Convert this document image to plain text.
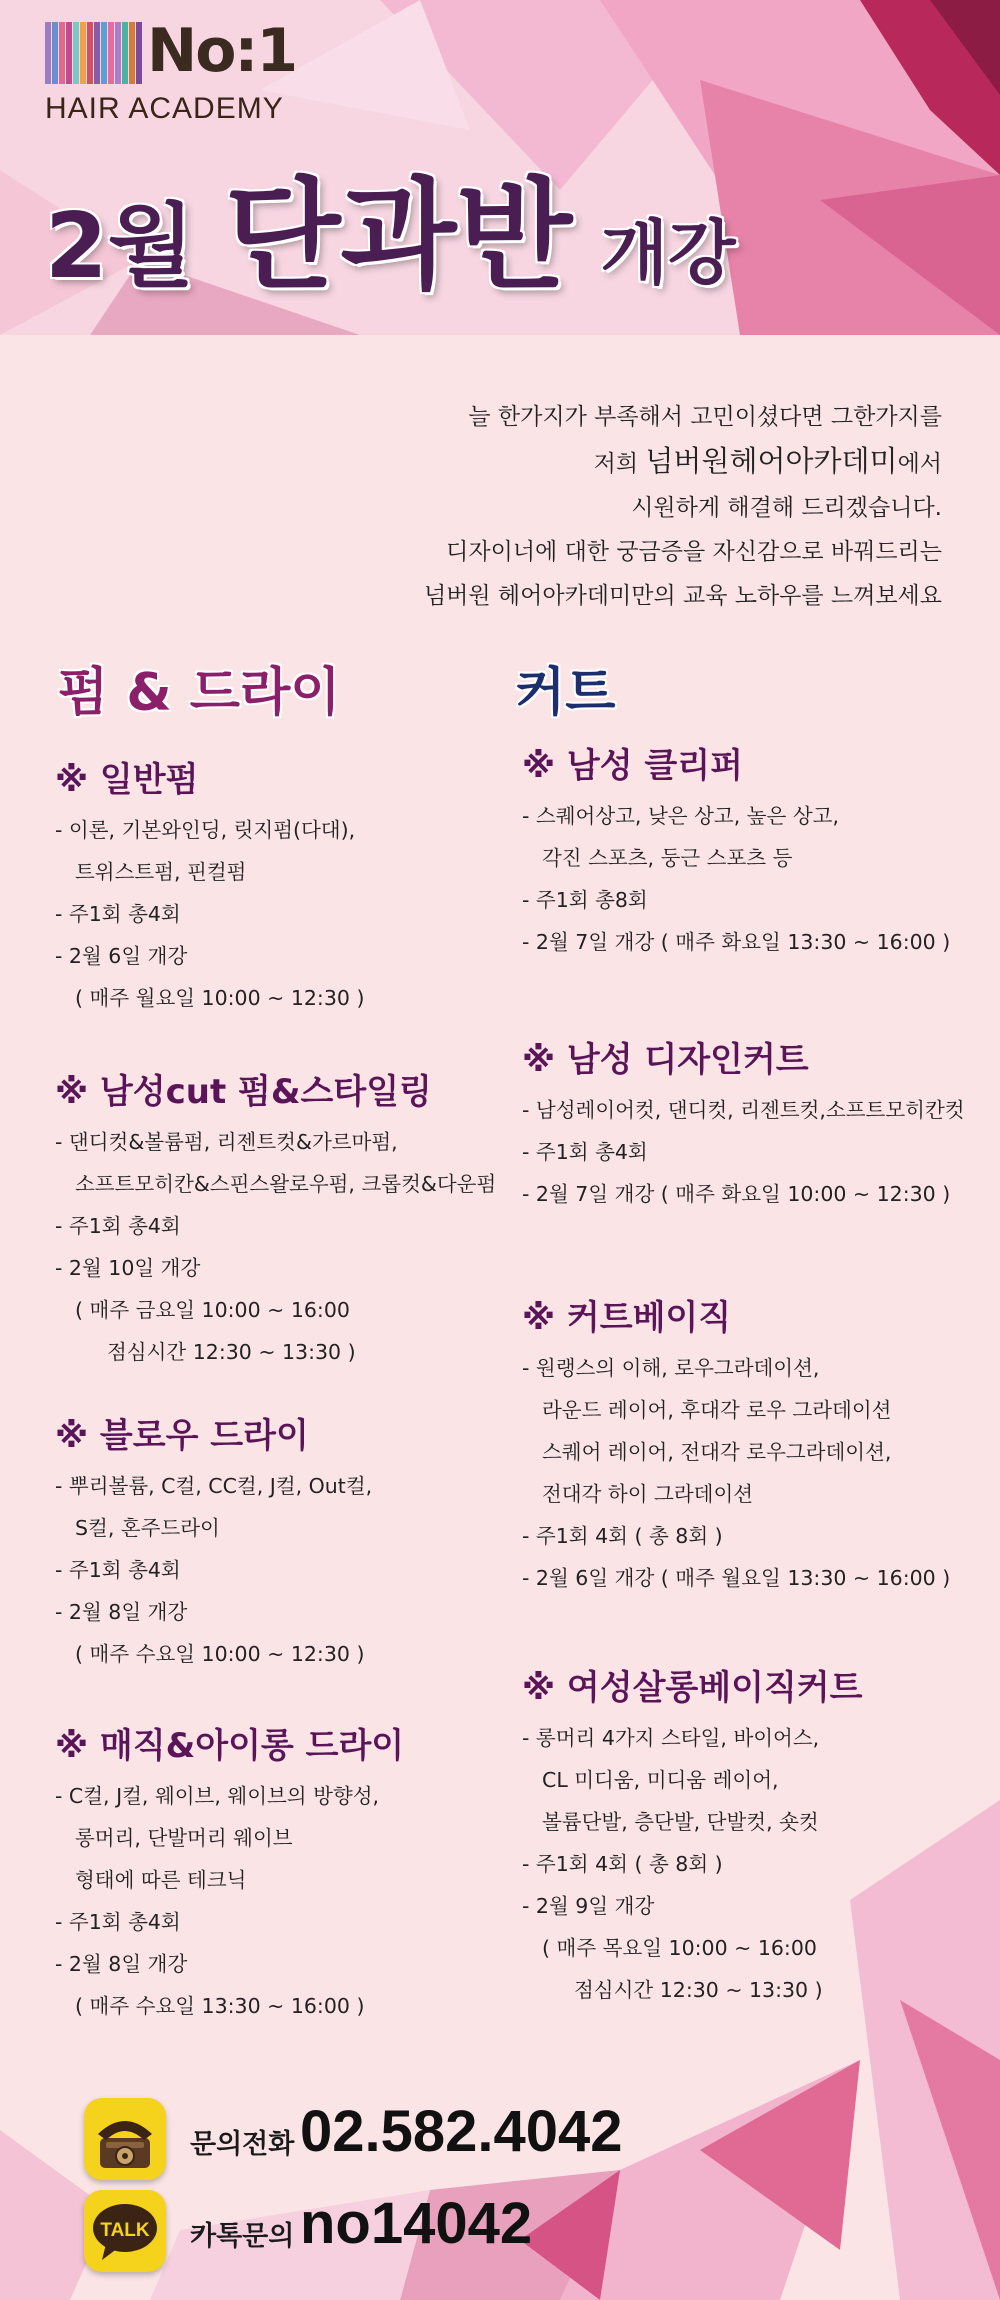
No:1
HAIR ACADEMY
2월 단과반 개강
늘 한가지가 부족해서 고민이셨다면 그한가지를
저희 넘버원헤어아카데미에서
시원하게 해결해 드리겠습니다.
디자이너에 대한 궁금증을 자신감으로 바꿔드리는
넘버원 헤어아카데미만의 교육 노하우를 느껴보세요
펌 & 드라이	커트
※ 일반펌
- 이론, 기본와인딩, 릿지펌(다대),
트위스트펌, 핀컬펌
- 주1회 총4회
- 2월 6일 개강
( 매주 월요일 10:00 ~ 12:30 )
※ 남성cut 펌&스타일링
- 댄디컷&볼륨펌, 리젠트컷&가르마펌,
소프트모히칸&스핀스왈로우펌, 크롭컷&다운펌
- 주1회 총4회
- 2월 10일 개강
( 매주 금요일 10:00 ~ 16:00
점심시간 12:30 ~ 13:30 )
※ 블로우 드라이
- 뿌리볼륨, C컬, CC컬, J컬, Out컬,
S컬, 혼주드라이
- 주1회 총4회
- 2월 8일 개강
( 매주 수요일 10:00 ~ 12:30 )
※ 매직&아이롱 드라이
- C컬, J컬, 웨이브, 웨이브의 방향성,
롱머리, 단발머리 웨이브
형태에 따른 테크닉
- 주1회 총4회
- 2월 8일 개강
( 매주 수요일 13:30 ~ 16:00 )
※ 남성 클리퍼
- 스퀘어상고, 낮은 상고, 높은 상고,
각진 스포츠, 둥근 스포츠 등
- 주1회 총8회
- 2월 7일 개강 ( 매주 화요일 13:30 ~ 16:00 )
※ 남성 디자인커트
- 남성레이어컷, 댄디컷, 리젠트컷,소프트모히칸컷
- 주1회 총4회
- 2월 7일 개강 ( 매주 화요일 10:00 ~ 12:30 )
※ 커트베이직
- 원랭스의 이해, 로우그라데이션,
라운드 레이어, 후대각 로우 그라데이션
스퀘어 레이어, 전대각 로우그라데이션,
전대각 하이 그라데이션
- 주1회 4회 ( 총 8회 )
- 2월 6일 개강 ( 매주 월요일 13:30 ~ 16:00 )
※ 여성살롱베이직커트
- 롱머리 4가지 스타일, 바이어스,
CL 미디움, 미디움 레이어,
볼륨단발, 층단발, 단발컷, 숏컷
- 주1회 4회 ( 총 8회 )
- 2월 9일 개강
( 매주 목요일 10:00 ~ 16:00
점심시간 12:30 ~ 13:30 )
문의전화 02.582.4042
TALK 카톡문의 no14042
